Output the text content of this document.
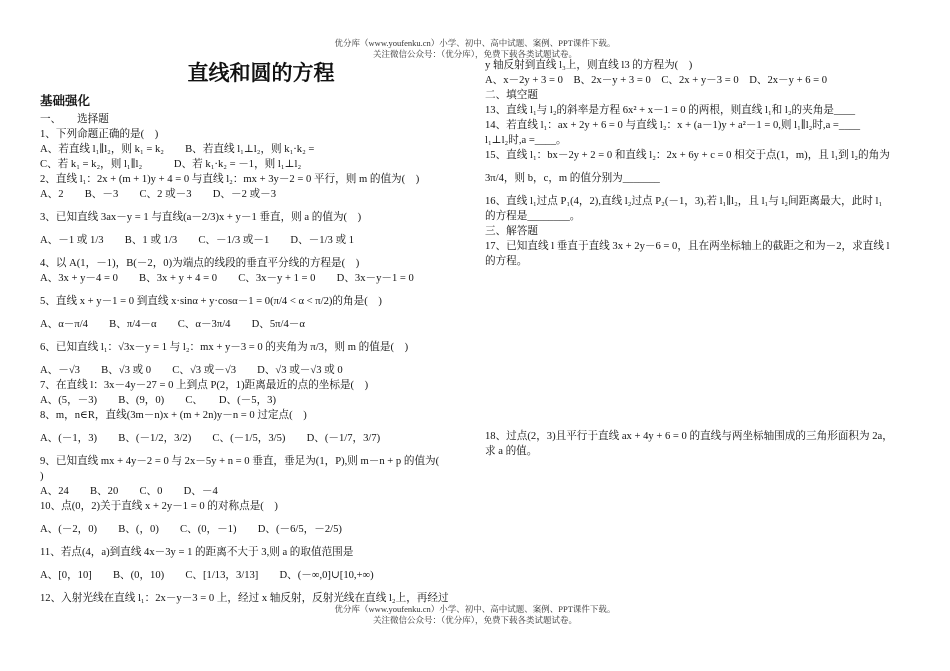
优分库（www.youfenku.cn）小学、初中、高中试题、案例、PPT课件下载。
关注微信公众号：（优分库），免费下载各类试题试卷。
直线和圆的方程
基础强化
一、　　选择题
1、下列命题正确的是(　)
A、若直线 l₁∥l₂，则 k₁ = k₂　　B、若直线 l₁⊥l₂，则 k₁·k₂ =
C、若 k₁ = k₂，则 l₁∥l₂　　　D、若 k₁·k₂ = －1，则 l₁⊥l₂
2、直线 l₁：2x + (m + 1)y + 4 = 0 与直线 l₂：mx + 3y－2 = 0 平行，则 m 的值为(　)
A、2　　B、－3　　C、2 或－3　　D、－2 或－3
3、已知直线 3ax－y = 1 与直线(a－2/3)x + y－1 垂直，则 a 的值为(　)
A、－1 或 1/3　　B、1 或 1/3　　C、－1/3 或－1　　D、－1/3 或 1
4、以 A(1，－1)，B(－2，0)为端点的线段的垂直平分线的方程是(　)
A、3x + y－4 = 0　　B、3x + y + 4 = 0　　C、3x－y + 1 = 0　　D、3x－y－1 = 0
5、直线 x + y－1 = 0 到直线 x·sinα + y·cosα－1 = 0(π/4 < α < π/2)的角是(　)
A、α－π/4　　B、π/4－α　　C、α－3π/4　　D、5π/4－α
6、已知直线 l₁：√3x－y = 1 与 l₂：mx + y－3 = 0 的夹角为 π/3，则 m 的值是(　)
A、－√3　　B、√3 或 0　　C、√3 或－√3　　D、√3 或－√3 或 0
7、在直线 l：3x－4y－27 = 0 上到点 P(2，1)距离最近的点的坐标是(　)
A、(5，－3)　　B、(9，0)　　C、　　D、(－5，3)
8、m，n∈R，直线(3m－n)x + (m + 2n)y－n = 0 过定点(　)
A、(－1，3)　　B、(－1/2，3/2)　　C、(－1/5，3/5)　　D、(－1/7，3/7)
9、已知直线 mx + 4y－2 = 0 与 2x－5y + n = 0 垂直，垂足为(1，P),则 m－n + p 的值为(
)
A、24　　B、20　　C、0　　D、－4
10、点(0，2)关于直线 x + 2y－1 = 0 的对称点是(　)
A、(－2，0)　　B、(，0)　　C、(0，－1)　　D、(－6/5，－2/5)
11、若点(4，a)到直线 4x－3y = 1 的距离不大于 3,则 a 的取值范围是
A、[0，10]　　B、(0，10)　　C、[1/13，3/13]　　D、(－∞,0]∪[10,+∞)
12、入射光线在直线 l₁：2x－y－3 = 0 上，经过 x 轴反射，反射光线在直线 l₂上，再经过
y 轴反射到直线 l₃上，则直线 l3 的方程为(　)
A、x－2y + 3 = 0　B、2x－y + 3 = 0　C、2x + y－3 = 0　D、2x－y + 6 = 0
二、填空题
13、直线 l₁与 l₂的斜率是方程 6x² + x－1 = 0 的两根，则直线 l₁和 l₂的夹角是____
14、若直线 l₁：ax + 2y + 6 = 0 与直线 l₂：x + (a－1)y + a²－1 = 0,则 l₁∥l₂时,a =____
l₁⊥l₂时,a =____。
15、直线 l₁：bx－2y + 2 = 0 和直线 l₂：2x + 6y + c = 0 相交于点(1，m)，且 l₁到 l₂的角为
3π/4，则 b，c，m 的值分别为_______
16、直线 l₁过点 P₁(4，2),直线 l₂过点 P₂(－1，3),若 l₁∥l₂，且 l₁与 l₂间距离最大，此时 l₁
的方程是________。
三、解答题
17、已知直线 l 垂直于直线 3x + 2y－6 = 0，且在两坐标轴上的截距之和为－2，求直线 l
的方程。
18、过点(2，3)且平行于直线 ax + 4y + 6 = 0 的直线与两坐标轴围成的三角形面积为 2a，
求 a 的值。
优分库（www.youfenku.cn）小学、初中、高中试题、案例、PPT课件下载。
关注微信公众号：（优分库），免费下载各类试题试卷。
